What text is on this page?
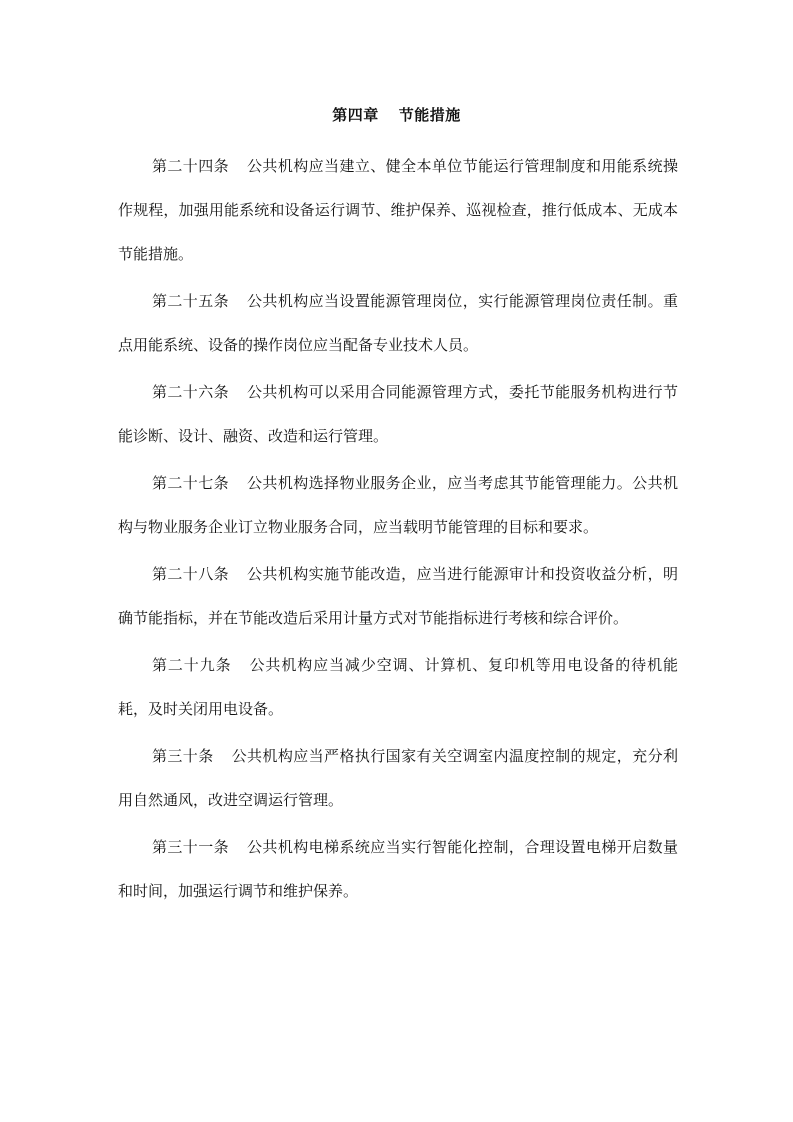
第四章 节能措施

第二十四条 公共机构应当建立、健全本单位节能运行管理制度和用能系统操作规程，加强用能系统和设备运行调节、维护保养、巡视检查，推行低成本、无成本节能措施。

第二十五条 公共机构应当设置能源管理岗位，实行能源管理岗位责任制。重点用能系统、设备的操作岗位应当配备专业技术人员。

第二十六条 公共机构可以采用合同能源管理方式，委托节能服务机构进行节能诊断、设计、融资、改造和运行管理。

第二十七条 公共机构选择物业服务企业，应当考虑其节能管理能力。公共机构与物业服务企业订立物业服务合同，应当载明节能管理的目标和要求。

第二十八条 公共机构实施节能改造，应当进行能源审计和投资收益分析，明确节能指标，并在节能改造后采用计量方式对节能指标进行考核和综合评价。

第二十九条 公共机构应当减少空调、计算机、复印机等用电设备的待机能耗，及时关闭用电设备。

第三十条 公共机构应当严格执行国家有关空调室内温度控制的规定，充分利用自然通风，改进空调运行管理。

第三十一条 公共机构电梯系统应当实行智能化控制，合理设置电梯开启数量和时间，加强运行调节和维护保养。
